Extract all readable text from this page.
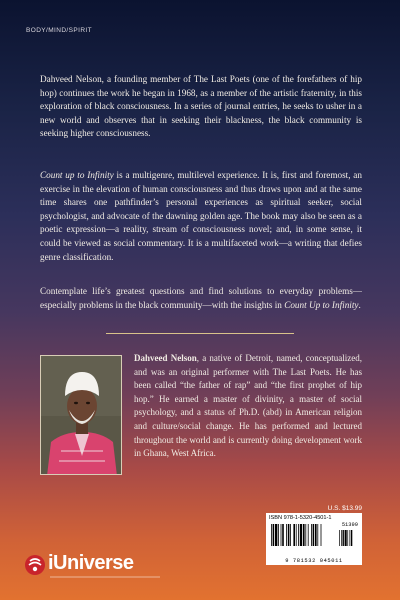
BODY/MIND/SPIRIT

Dahveed Nelson, a founding member of The Last Poets (one of the forefathers of hip hop) continues the work he began in 1968, as a member of the artistic fraternity, in this exploration of black consciousness. In a series of journal entries, he seeks to usher in a new world and observes that in seeking their blackness, the black community is seeking higher consciousness.

Count up to Infinity is a multigenre, multilevel experience. It is, first and foremost, an exercise in the elevation of human consciousness and thus draws upon and at the same time shares one pathfinder’s personal experiences as spiritual seeker, social psychologist, and advocate of the dawning golden age. The book may also be seen as a poetic expression—a reality, stream of consciousness novel; and, in some sense, it could be viewed as social commentary. It is a multifaceted work—a writing that defies genre classification.

Contemplate life’s greatest questions and find solutions to everyday problems—especially problems in the black community—with the insights in Count Up to Infinity.

Dahveed Nelson, a native of Detroit, named, conceptualized, and was an original performer with The Last Poets. He has been called “the father of rap” and “the first prophet of hip hop.” He earned a master of divinity, a master of social psychology, and a status of Ph.D. (abd) in American religion and culture/social change. He has performed and lectured throughout the world and is currently doing development work in Ghana, West Africa.

U.S. $13.99
ISBN 978-1-5320-4501-1
51399
9 781532 045011
iUniverse
